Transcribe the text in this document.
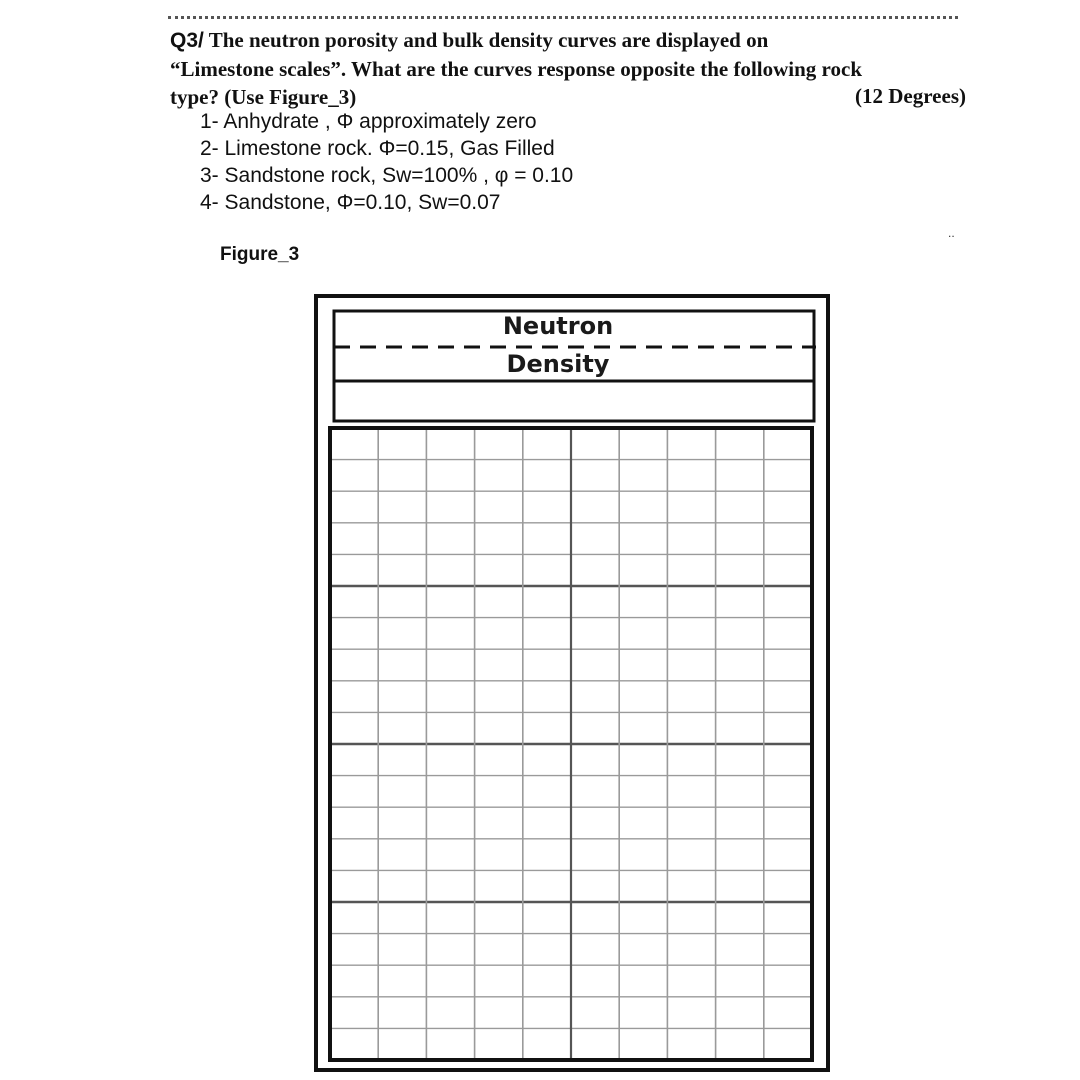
Q3/ The neutron porosity and bulk density curves are displayed on
“Limestone scales”. What are the curves response opposite the following rock
type? (Use Figure_3)	(12 Degrees)
1- Anhydrate , Φ approximately zero
2- Limestone rock. Φ=0.15, Gas Filled
3- Sandstone rock, Sw=100% , φ = 0.10
4- Sandstone, Φ=0.10, Sw=0.07
..
Figure_3
Neutron
Density
